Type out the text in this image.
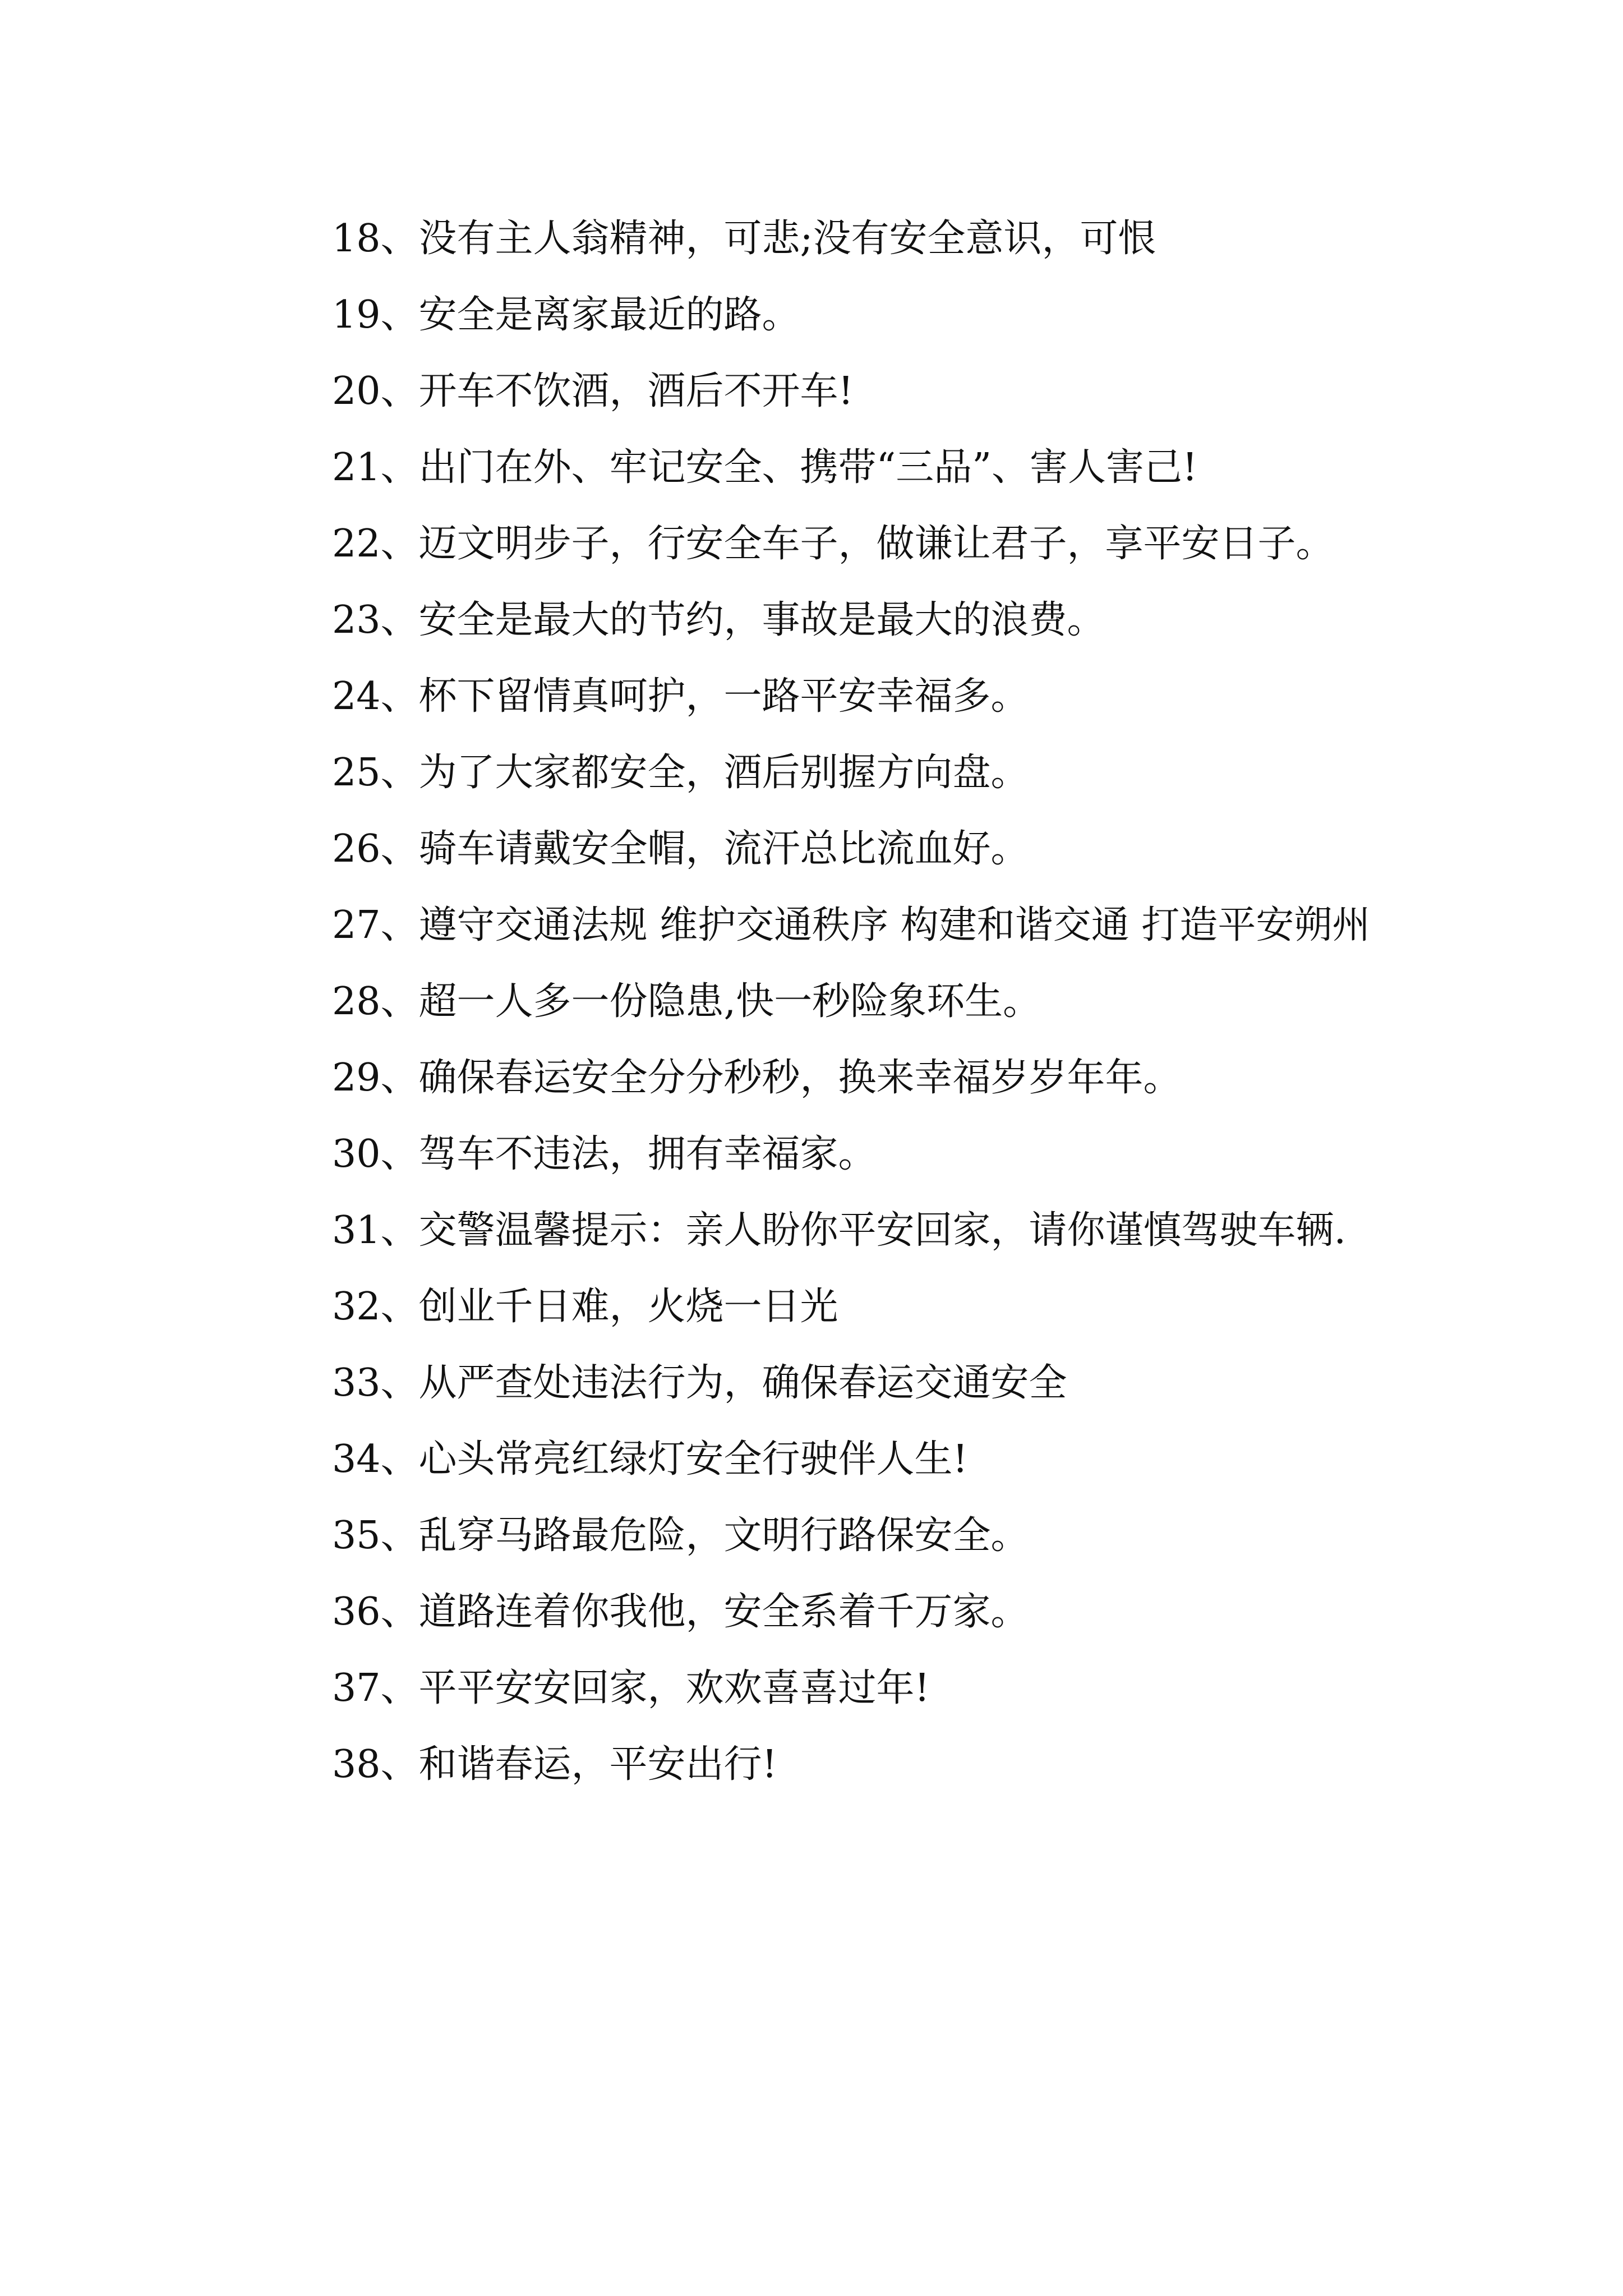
18、没有主人翁精神，可悲;没有安全意识，可恨

19、安全是离家最近的路。

20、开车不饮酒，酒后不开车!

21、出门在外、牢记安全、携带“三品”、害人害己!

22、迈文明步子，行安全车子，做谦让君子，享平安日子。

23、安全是最大的节约，事故是最大的浪费。

24、杯下留情真呵护，一路平安幸福多。

25、为了大家都安全，酒后别握方向盘。

26、骑车请戴安全帽，流汗总比流血好。

27、遵守交通法规 维护交通秩序 构建和谐交通 打造平安朔州

28、超一人多一份隐患,快一秒险象环生。

29、确保春运安全分分秒秒，换来幸福岁岁年年。

30、驾车不违法，拥有幸福家。

31、交警温馨提示：亲人盼你平安回家，请你谨慎驾驶车辆.

32、创业千日难，火烧一日光

33、从严查处违法行为，确保春运交通安全

34、心头常亮红绿灯安全行驶伴人生!

35、乱穿马路最危险，文明行路保安全。

36、道路连着你我他，安全系着千万家。

37、平平安安回家，欢欢喜喜过年!

38、和谐春运，平安出行!
